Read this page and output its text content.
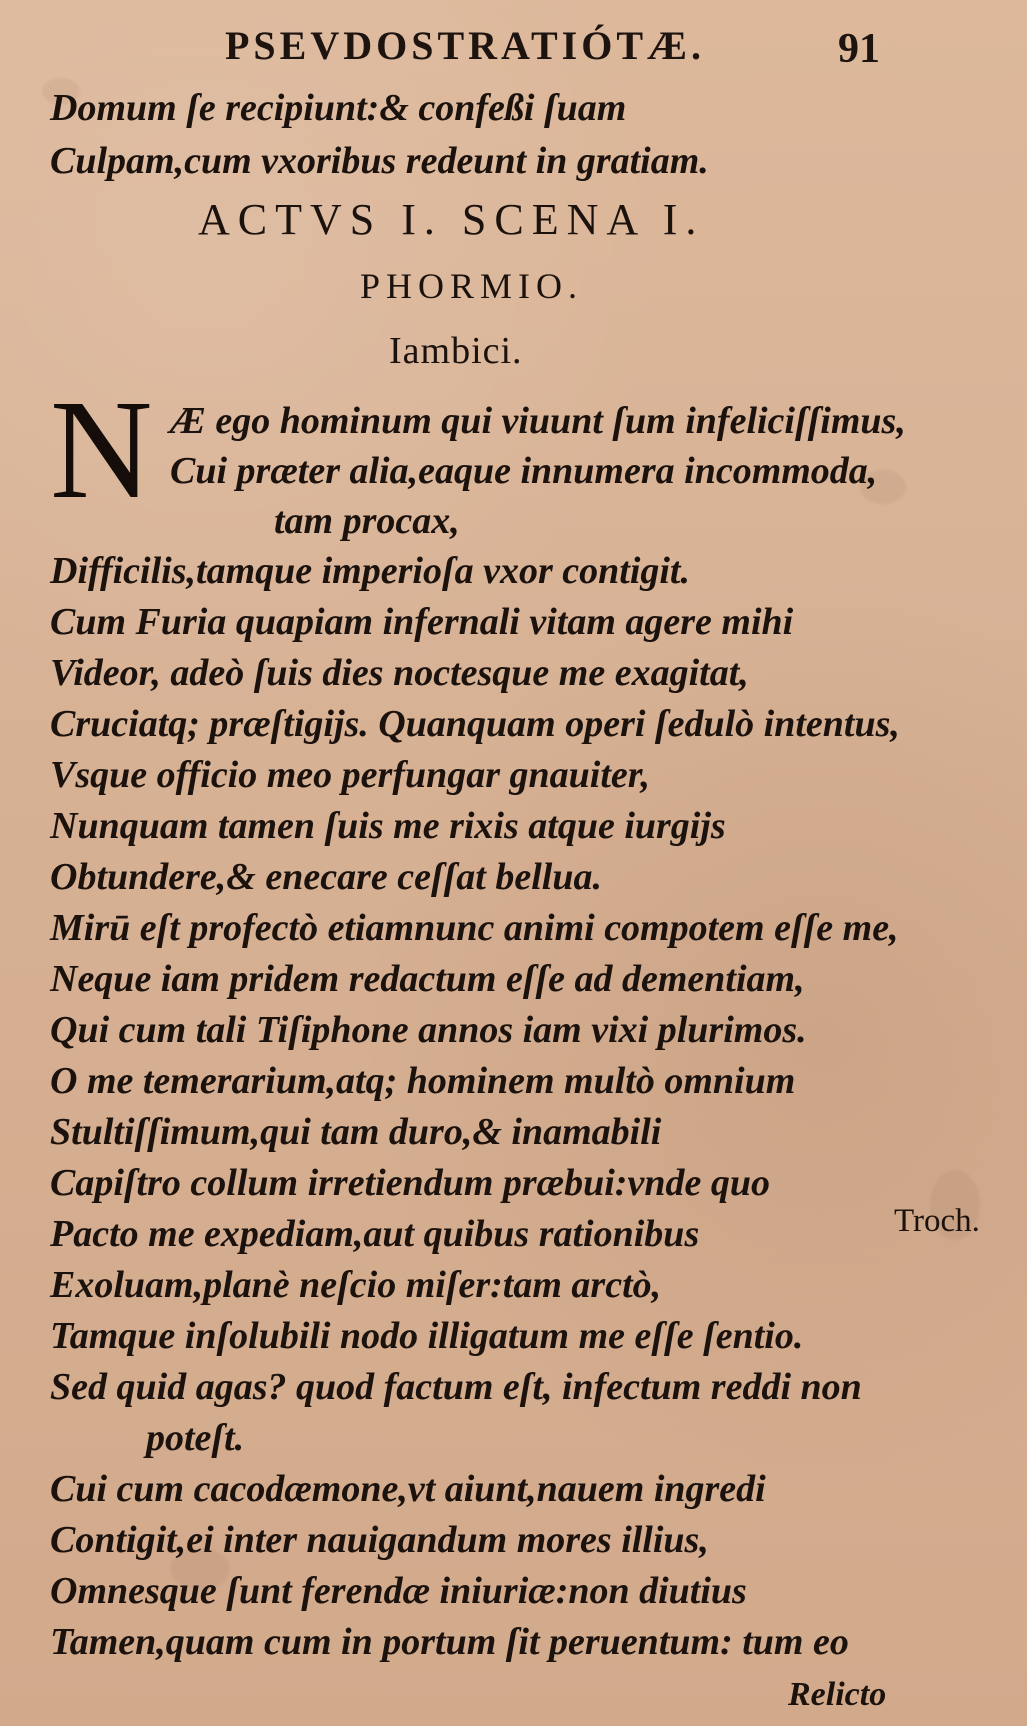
PSEVDOSTRATIÓTÆ.	91
Domum ſe recipiunt:& confeßi ſuam
Culpam,cum vxoribus redeunt in gratiam.
ACTVS I. SCENA I.
PHORMIO.
Iambici.
N Æ ego hominum qui viuunt ſum infeliciſſimus,
Cui præter alia,eaque innumera incommoda,
tam procax,
Difficilis,tamque imperioſa vxor contigit.
Cum Furia quapiam infernali vitam agere mihi
Videor, adeò ſuis dies noctesque me exagitat,
Cruciatq; præſtigijs. Quanquam operi ſedulò intentus,
Vsque officio meo perfungar gnauiter,
Nunquam tamen ſuis me rixis atque iurgijs
Obtundere,& enecare ceſſat bellua.
Mirū eſt profectò etiamnunc animi compotem eſſe me,
Neque iam pridem redactum eſſe ad dementiam,
Qui cum tali Tiſiphone annos iam vixi plurimos.
O me temerarium,atq; hominem multò omnium
Stultiſſimum,qui tam duro,& inamabili
Capiſtro collum irretiendum præbui:vnde quo
Pacto me expediam,aut quibus rationibus
Exoluam,planè neſcio miſer:tam arctò,
Tamque inſolubili nodo illigatum me eſſe ſentio.
Sed quid agas? quod factum eſt, infectum reddi non
poteſt.
Cui cum cacodæmone,vt aiunt,nauem ingredi
Contigit,ei inter nauigandum mores illius,
Omnesque ſunt ferendæ iniuriæ:non diutius
Tamen,quam cum in portum ſit peruentum: tum eo
Troch.
Relicto
